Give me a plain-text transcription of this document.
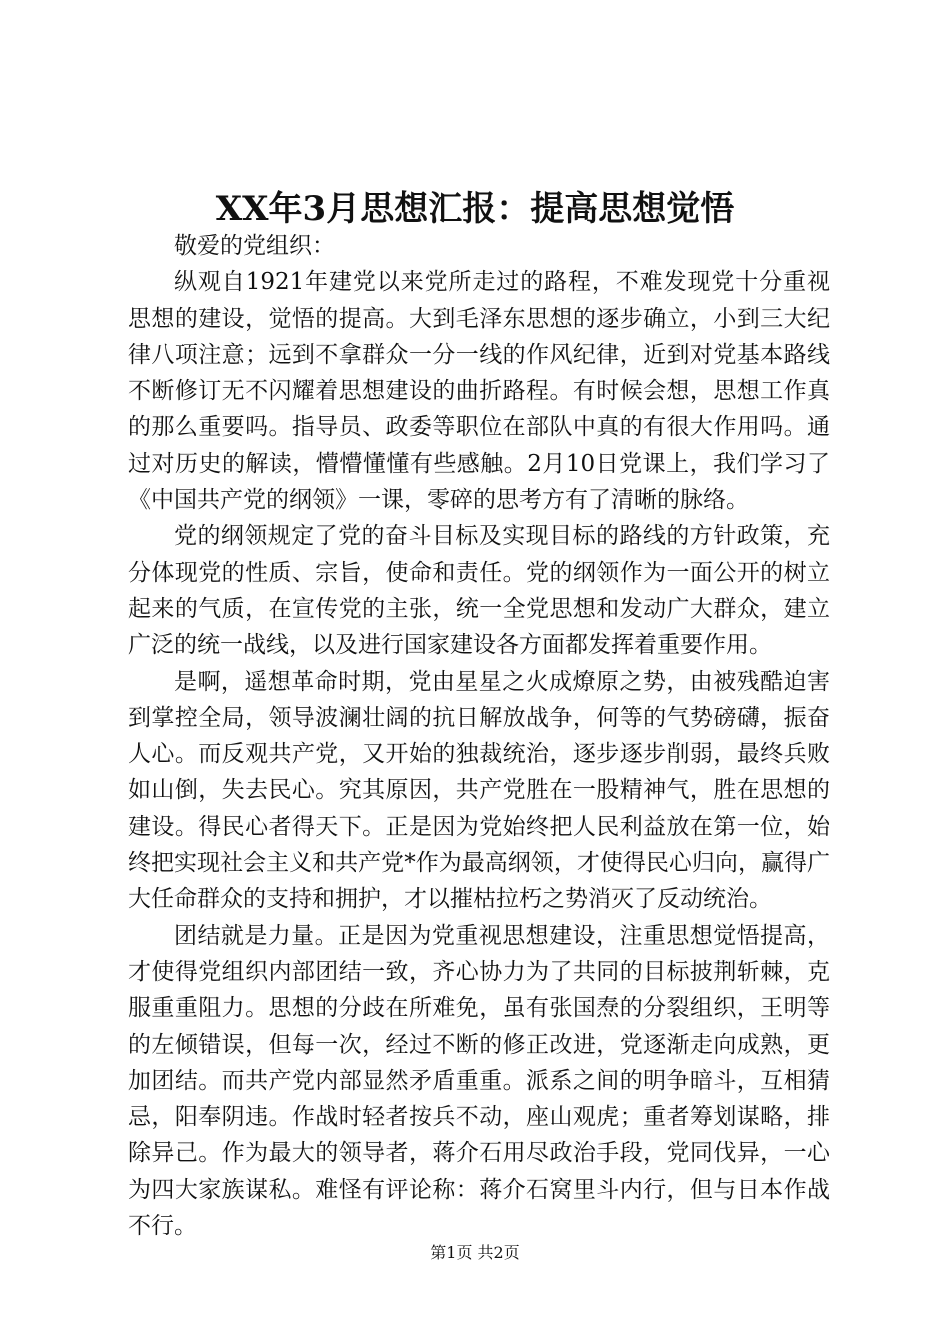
XX年3月思想汇报：提高思想觉悟

敬爱的党组织：

纵观自1921年建党以来党所走过的路程，不难发现党十分重视思想的建设，觉悟的提高。大到毛泽东思想的逐步确立，小到三大纪律八项注意；远到不拿群众一分一线的作风纪律，近到对党基本路线不断修订无不闪耀着思想建设的曲折路程。有时候会想，思想工作真的那么重要吗。指导员、政委等职位在部队中真的有很大作用吗。通过对历史的解读，懵懵懂懂有些感触。2月10日党课上，我们学习了《中国共产党的纲领》一课，零碎的思考方有了清晰的脉络。

党的纲领规定了党的奋斗目标及实现目标的路线的方针政策，充分体现党的性质、宗旨，使命和责任。党的纲领作为一面公开的树立起来的气质，在宣传党的主张，统一全党思想和发动广大群众，建立广泛的统一战线，以及进行国家建设各方面都发挥着重要作用。

是啊，遥想革命时期，党由星星之火成燎原之势，由被残酷迫害到掌控全局，领导波澜壮阔的抗日解放战争，何等的气势磅礴，振奋人心。而反观共产党，又开始的独裁统治，逐步逐步削弱，最终兵败如山倒，失去民心。究其原因，共产党胜在一股精神气，胜在思想的建设。得民心者得天下。正是因为党始终把人民利益放在第一位，始终把实现社会主义和共产党*作为最高纲领，才使得民心归向，赢得广大任命群众的支持和拥护，才以摧枯拉朽之势消灭了反动统治。

团结就是力量。正是因为党重视思想建设，注重思想觉悟提高，才使得党组织内部团结一致，齐心协力为了共同的目标披荆斩棘，克服重重阻力。思想的分歧在所难免，虽有张国焘的分裂组织，王明等的左倾错误，但每一次，经过不断的修正改进，党逐渐走向成熟，更加团结。而共产党内部显然矛盾重重。派系之间的明争暗斗，互相猜忌，阳奉阴违。作战时轻者按兵不动，座山观虎；重者筹划谋略，排除异己。作为最大的领导者，蒋介石用尽政治手段，党同伐异，一心为四大家族谋私。难怪有评论称：蒋介石窝里斗内行，但与日本作战不行。

第1页 共2页
